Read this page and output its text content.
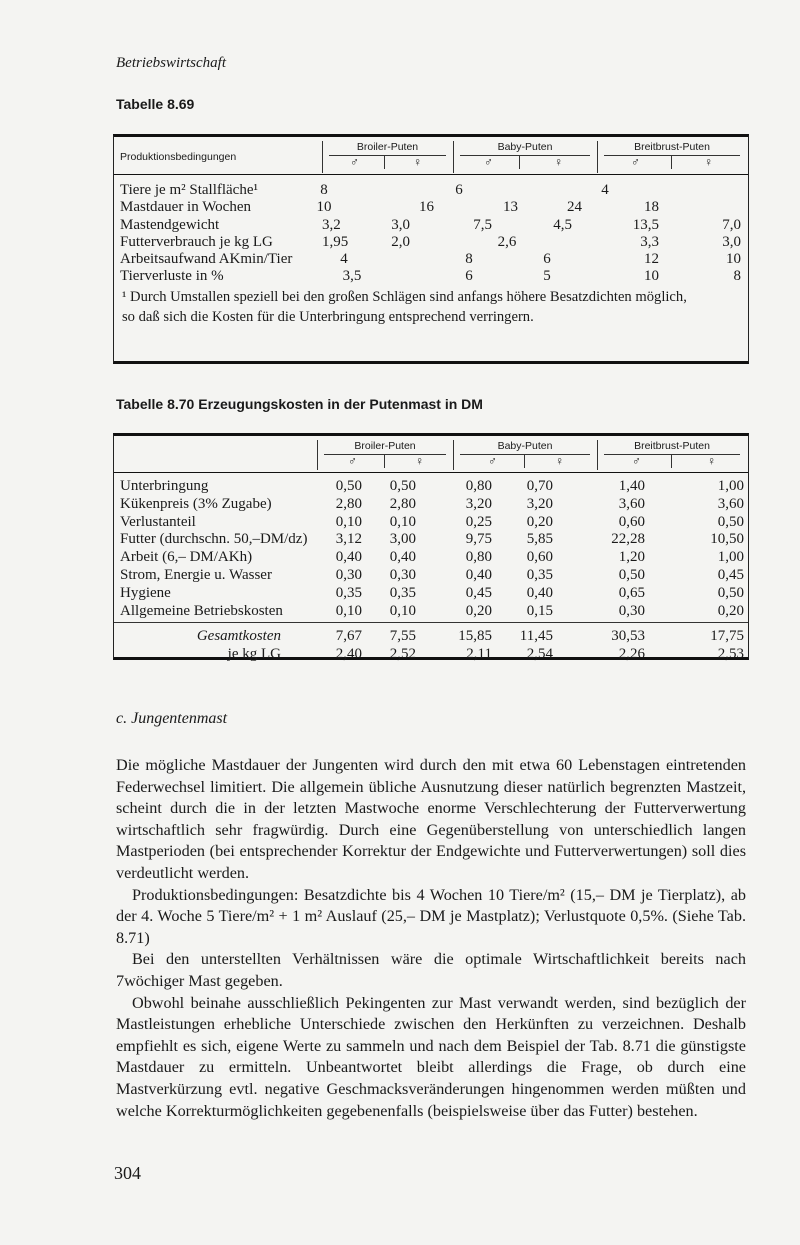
Betriebswirtschaft
Tabelle 8.69
Produktionsbedingungen
Broiler-Puten	Baby-Puten	Breitbrust-Puten
♂	♀	♂	♀	♂	♀
Tiere je m² Stallfläche¹	8	6	4
Mastdauer in Wochen	10	16	13	24	18
Mastendgewicht	3,2	3,0	7,5	4,5	13,5	7,0
Futterverbrauch je kg LG	1,95	2,0	2,6	3,3	3,0
Arbeitsaufwand AKmin/Tier	4	8	6	12	10
Tierverluste in %	3,5	6	5	10	8
¹ Durch Umstallen speziell bei den großen Schlägen sind anfangs höhere Besatzdichten möglich,
so daß sich die Kosten für die Unterbringung entsprechend verringern.
Tabelle 8.70 Erzeugungskosten in der Putenmast in DM
Broiler-Puten	Baby-Puten	Breitbrust-Puten
♂	♀	♂	♀	♂	♀
Unterbringung	0,50	0,50	0,80	0,70	1,40	1,00
Kükenpreis (3% Zugabe)	2,80	2,80	3,20	3,20	3,60	3,60
Verlustanteil	0,10	0,10	0,25	0,20	0,60	0,50
Futter (durchschn. 50,–DM/dz)	3,12	3,00	9,75	5,85	22,28	10,50
Arbeit (6,– DM/AKh)	0,40	0,40	0,80	0,60	1,20	1,00
Strom, Energie u. Wasser	0,30	0,30	0,40	0,35	0,50	0,45
Hygiene	0,35	0,35	0,45	0,40	0,65	0,50
Allgemeine Betriebskosten	0,10	0,10	0,20	0,15	0,30	0,20
Gesamtkosten	7,67	7,55	15,85	11,45	30,53	17,75
je kg LG	2,40	2,52	2,11	2,54	2,26	2,53
c. Jungentenmast

Die mögliche Mastdauer der Jungenten wird durch den mit etwa 60 Lebenstagen eintretenden Federwechsel limitiert. Die allgemein übliche Ausnutzung dieser natürlich begrenzten Mastzeit, scheint durch die in der letzten Mastwoche enorme Verschlechterung der Futterverwertung wirtschaftlich sehr fragwürdig. Durch eine Gegenüberstellung von unterschiedlich langen Mastperioden (bei entsprechender Korrektur der Endgewichte und Futterverwertungen) soll dies verdeutlicht werden.

Produktionsbedingungen: Besatzdichte bis 4 Wochen 10 Tiere/m² (15,– DM je Tierplatz), ab der 4. Woche 5 Tiere/m² + 1 m² Auslauf (25,– DM je Mastplatz); Verlustquote 0,5%. (Siehe Tab. 8.71)

Bei den unterstellten Verhältnissen wäre die optimale Wirtschaftlichkeit bereits nach 7wöchiger Mast gegeben.

Obwohl beinahe ausschließlich Pekingenten zur Mast verwandt werden, sind bezüglich der Mastleistungen erhebliche Unterschiede zwischen den Herkünften zu verzeichnen. Deshalb empfiehlt es sich, eigene Werte zu sammeln und nach dem Beispiel der Tab. 8.71 die günstigste Mastdauer zu ermitteln. Unbeantwortet bleibt allerdings die Frage, ob durch eine Mastverkürzung evtl. negative Geschmacksveränderungen hingenommen werden müßten und welche Korrekturmöglichkeiten gegebenenfalls (beispielsweise über das Futter) bestehen.

304
